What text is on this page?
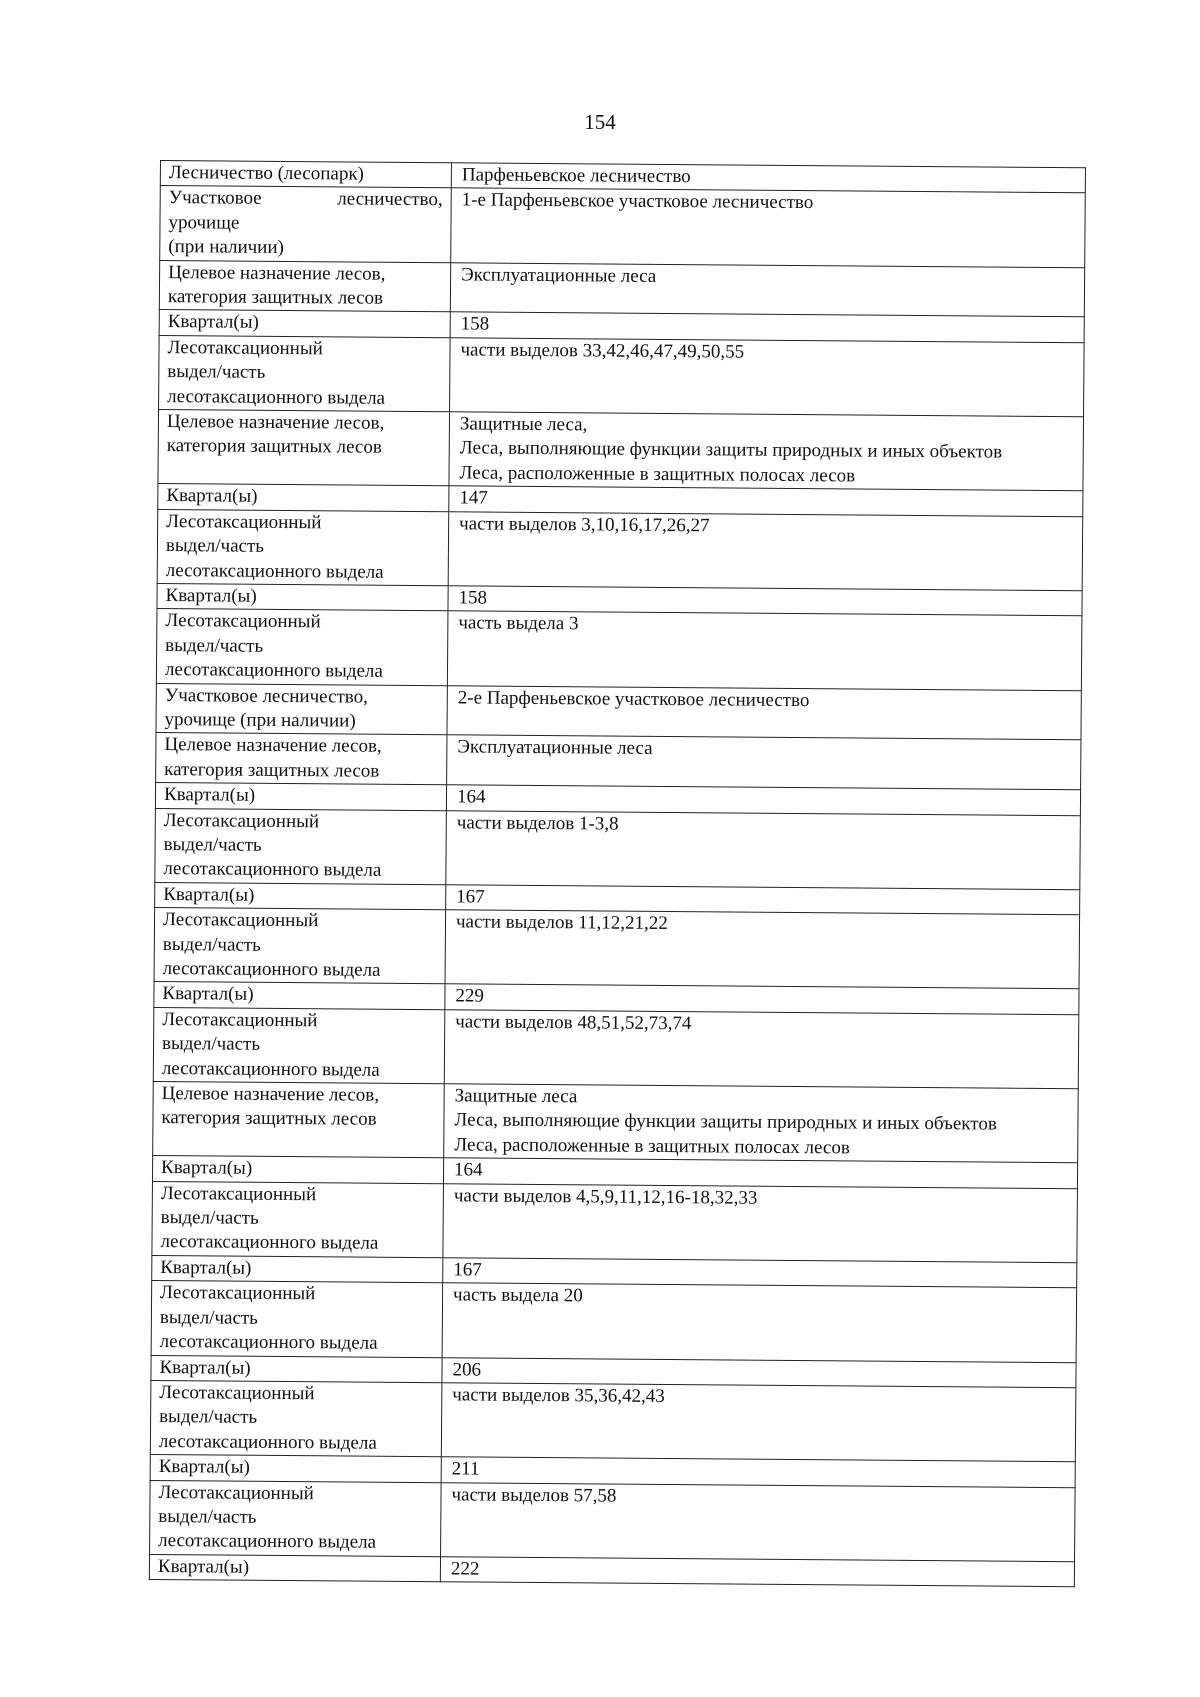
154
Лесничество (лесопарк)	Парфеньевское лесничество

Участковое лесничество,
урочище
(при наличии)	1-е Парфеньевское участковое лесничество

Целевое назначение лесов,
категория защитных лесов	Эксплуатационные леса

Квартал(ы)	158

Лесотаксационный
выдел/часть
лесотаксационного выдела	части выделов 33,42,46,47,49,50,55

Целевое назначение лесов,
категория защитных лесов	Защитные леса,
Леса, выполняющие функции защиты природных и иных объектов
Леса, расположенные в защитных полосах лесов

Квартал(ы)	147

Лесотаксационный
выдел/часть
лесотаксационного выдела	части выделов 3,10,16,17,26,27

Квартал(ы)	158

Лесотаксационный
выдел/часть
лесотаксационного выдела	часть выдела 3

Участковое лесничество,
урочище (при наличии)	2-е Парфеньевское участковое лесничество

Целевое назначение лесов,
категория защитных лесов	Эксплуатационные леса

Квартал(ы)	164

Лесотаксационный
выдел/часть
лесотаксационного выдела	части выделов 1-3,8

Квартал(ы)	167

Лесотаксационный
выдел/часть
лесотаксационного выдела	части выделов 11,12,21,22

Квартал(ы)	229

Лесотаксационный
выдел/часть
лесотаксационного выдела	части выделов 48,51,52,73,74

Целевое назначение лесов,
категория защитных лесов	Защитные леса
Леса, выполняющие функции защиты природных и иных объектов
Леса, расположенные в защитных полосах лесов

Квартал(ы)	164

Лесотаксационный
выдел/часть
лесотаксационного выдела	части выделов 4,5,9,11,12,16-18,32,33

Квартал(ы)	167

Лесотаксационный
выдел/часть
лесотаксационного выдела	часть выдела 20

Квартал(ы)	206

Лесотаксационный
выдел/часть
лесотаксационного выдела	части выделов 35,36,42,43

Квартал(ы)	211

Лесотаксационный
выдел/часть
лесотаксационного выдела	части выделов 57,58

Квартал(ы)	222
